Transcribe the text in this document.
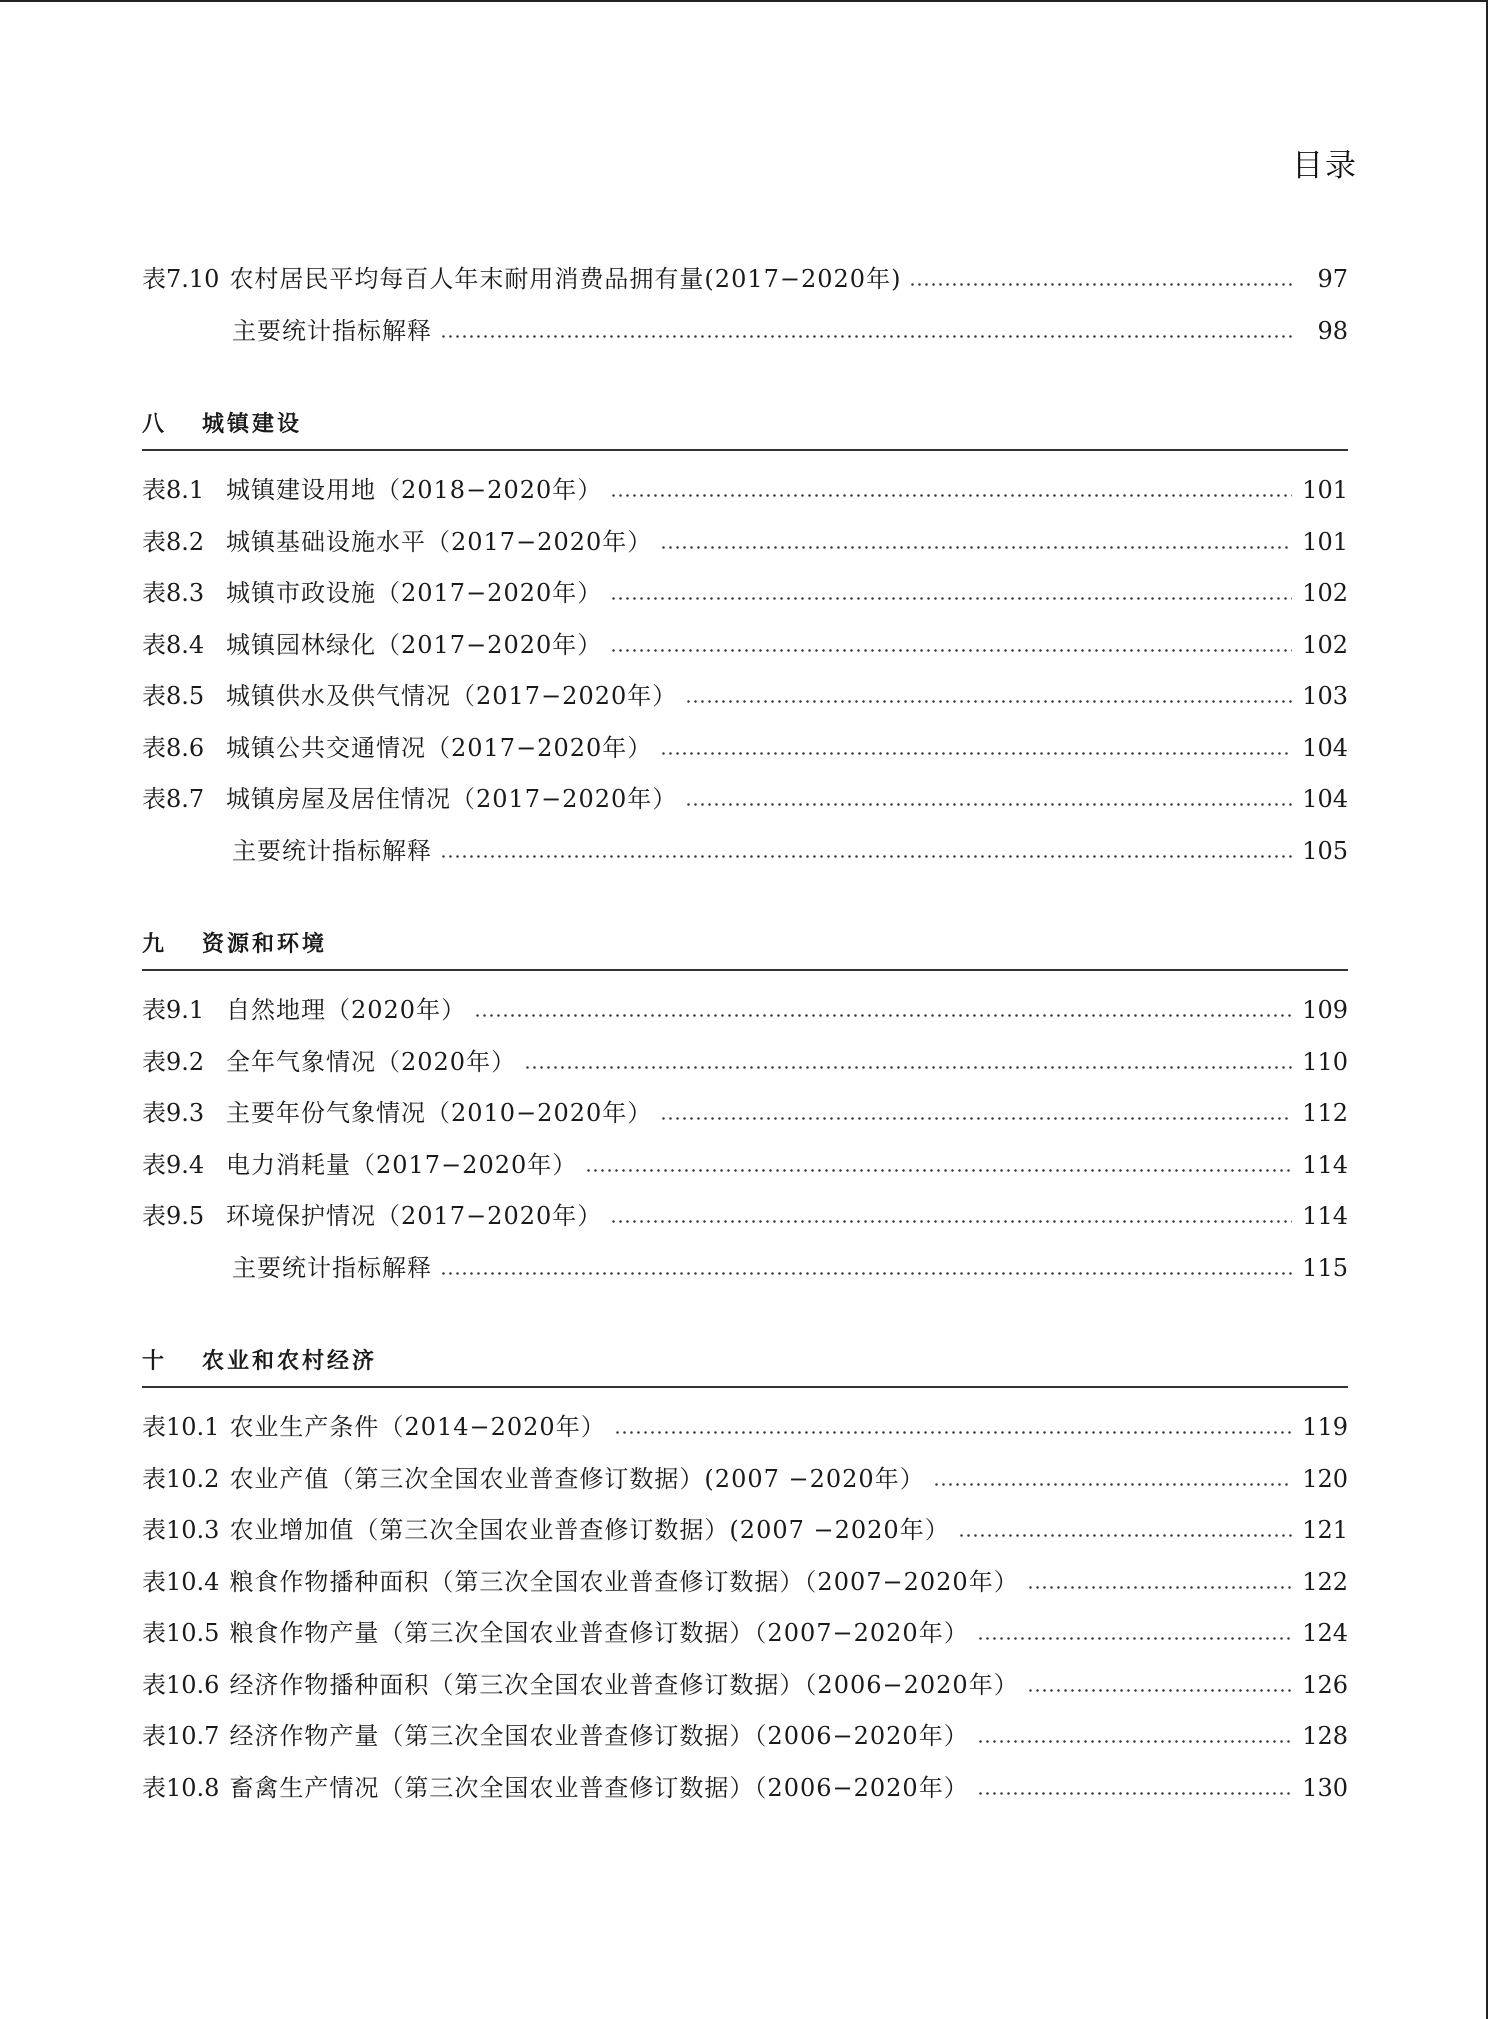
目录
表7.10 农村居民平均每百人年末耐用消费品拥有量(2017−2020年)	97
主要统计指标解释	98
八	城镇建设
表8.1 城镇建设用地（2018−2020年）	101
表8.2 城镇基础设施水平（2017−2020年）	101
表8.3 城镇市政设施（2017−2020年）	102
表8.4 城镇园林绿化（2017−2020年）	102
表8.5 城镇供水及供气情况（2017−2020年）	103
表8.6 城镇公共交通情况（2017−2020年）	104
表8.7 城镇房屋及居住情况（2017−2020年）	104
主要统计指标解释	105
九	资源和环境
表9.1 自然地理（2020年）	109
表9.2 全年气象情况（2020年）	110
表9.3 主要年份气象情况（2010−2020年）	112
表9.4 电力消耗量（2017−2020年）	114
表9.5 环境保护情况（2017−2020年）	114
主要统计指标解释	115
十	农业和农村经济
表10.1 农业生产条件（2014−2020年）	119
表10.2 农业产值（第三次全国农业普查修订数据）(2007 −2020年）	120
表10.3 农业增加值（第三次全国农业普查修订数据）(2007 −2020年）	121
表10.4 粮食作物播种面积（第三次全国农业普查修订数据）（2007−2020年）	122
表10.5 粮食作物产量（第三次全国农业普查修订数据）（2007−2020年）	124
表10.6 经济作物播种面积（第三次全国农业普查修订数据）（2006−2020年）	126
表10.7 经济作物产量（第三次全国农业普查修订数据）（2006−2020年）	128
表10.8 畜禽生产情况（第三次全国农业普查修订数据）（2006−2020年）	130
